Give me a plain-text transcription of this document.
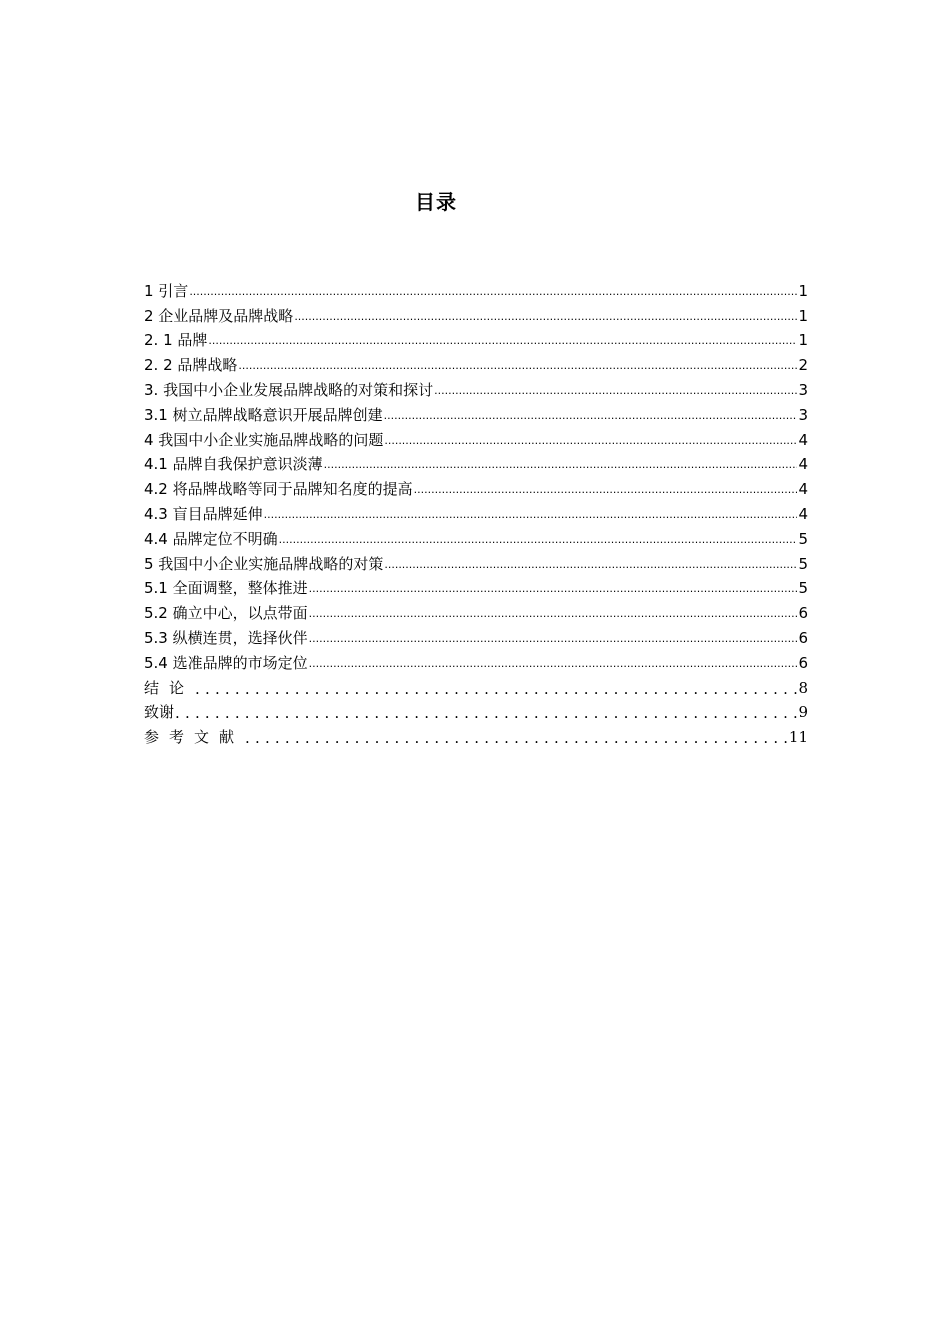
目录
1 引言 .....	1
2 企业品牌及品牌战略 .....	1
2. 1 品牌 .....	1
2. 2 品牌战略 .....	2
3. 我国中小企业发展品牌战略的对策和探讨 .....	3
3.1 树立品牌战略意识开展品牌创建 .....	3
4 我国中小企业实施品牌战略的问题 .....	4
4.1 品牌自我保护意识淡薄 .....	4
4.2 将品牌战略等同于品牌知名度的提高 .....	4
4.3 盲目品牌延伸 .....	4
4.4 品牌定位不明确 .....	5
5 我国中小企业实施品牌战略的对策 .....	5
5.1 全面调整，整体推进 .....	5
5.2 确立中心，以点带面 .....	6
5.3 纵横连贯，选择伙伴 .....	6
5.4 选准品牌的市场定位 .....	6
结论 .....	8
致谢 .....	9
参考文献 .....	11
